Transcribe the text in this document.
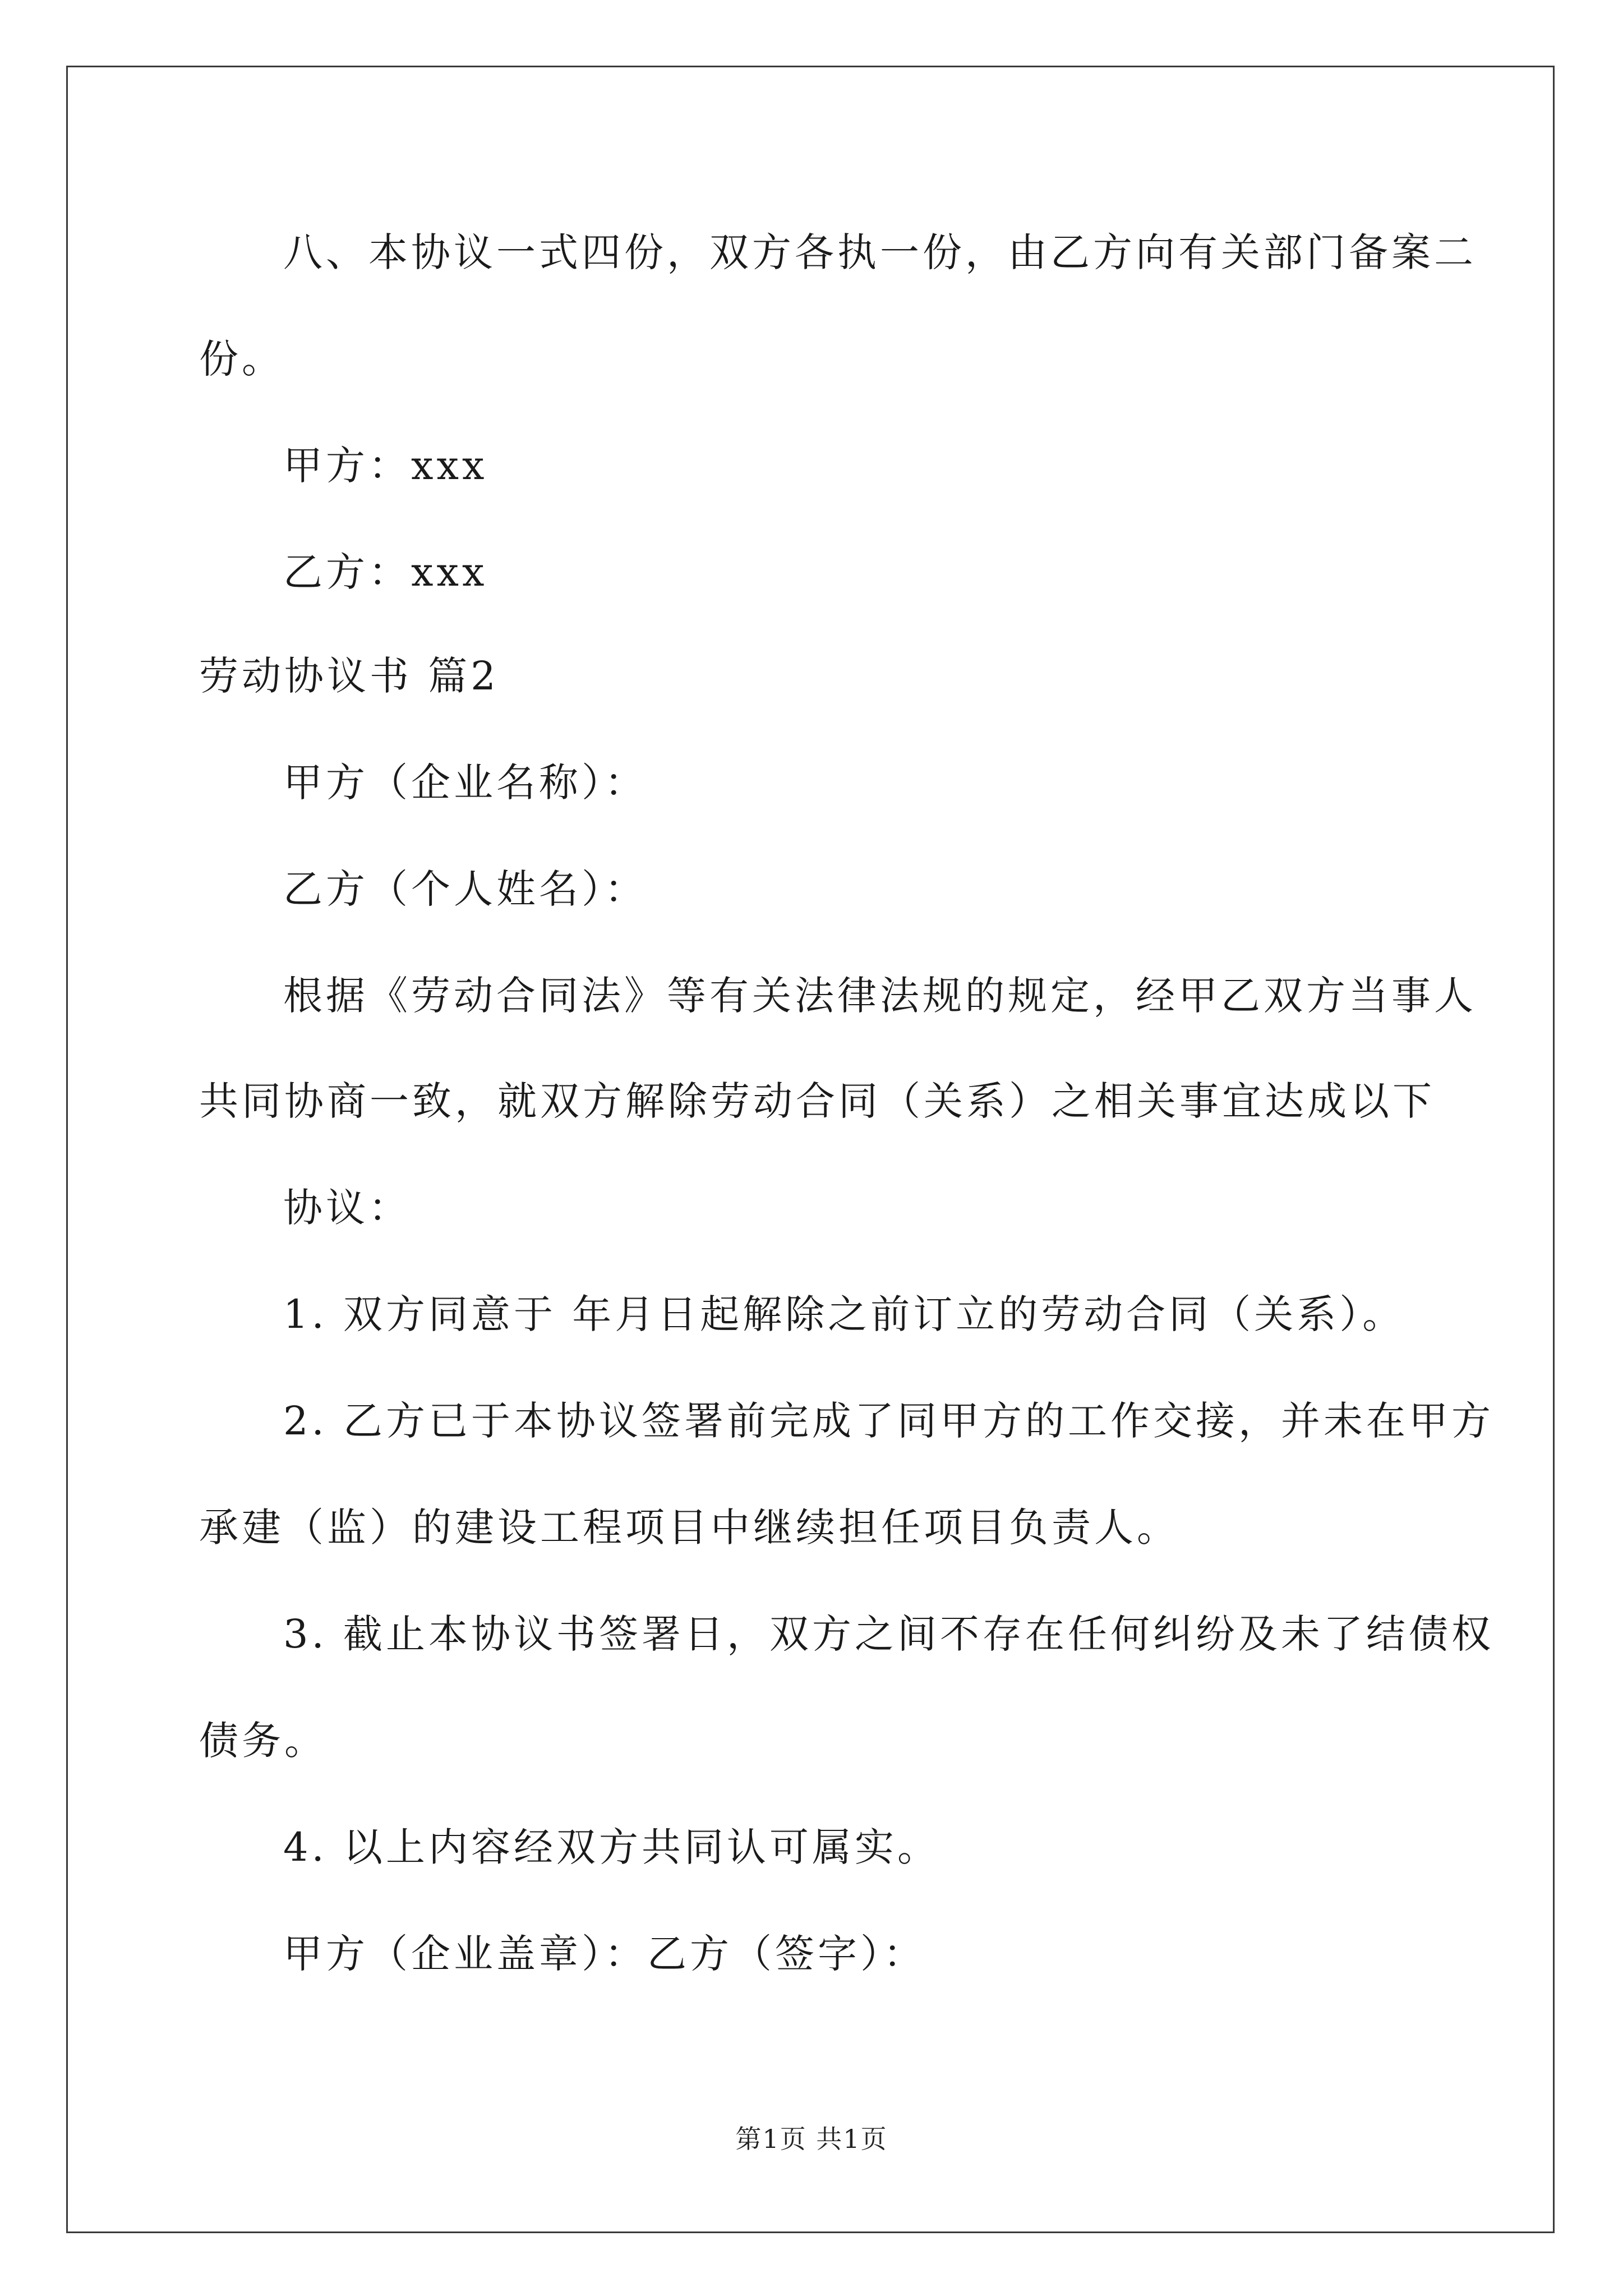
八、本协议一式四份，双方各执一份，由乙方向有关部门备案二
份。
甲方：xxx
乙方：xxx
劳动协议书 篇2
甲方（企业名称）：
乙方（个人姓名）：
根据《劳动合同法》等有关法律法规的规定，经甲乙双方当事人
共同协商一致，就双方解除劳动合同（关系）之相关事宜达成以下
协议：
1. 双方同意于 年月日起解除之前订立的劳动合同（关系）。
2. 乙方已于本协议签署前完成了同甲方的工作交接，并未在甲方
承建（监）的建设工程项目中继续担任项目负责人。
3. 截止本协议书签署日，双方之间不存在任何纠纷及未了结债权
债务。
4. 以上内容经双方共同认可属实。
甲方（企业盖章）：乙方（签字）：
第1页 共1页
